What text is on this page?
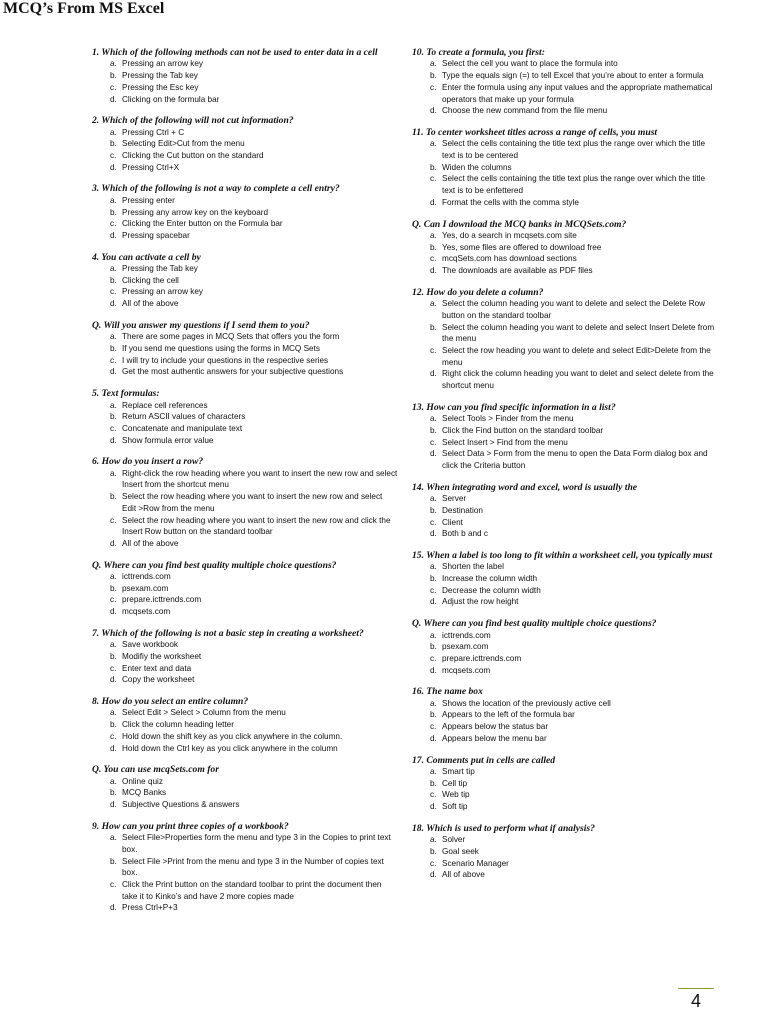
MCQ’s From MS Excel
1. Which of the following methods can not be used to enter data in a cell
a. Pressing an arrow key
b. Pressing the Tab key
c. Pressing the Esc key
d. Clicking on the formula bar
2. Which of the following will not cut information?
a. Pressing Ctrl + C
b. Selecting Edit>Cut from the menu
c. Clicking the Cut button on the standard
d. Pressing Ctrl+X
3. Which of the following is not a way to complete a cell entry?
a. Pressing enter
b. Pressing any arrow key on the keyboard
c. Clicking the Enter button on the Formula bar
d. Pressing spacebar
4. You can activate a cell by
a. Pressing the Tab key
b. Clicking the cell
c. Pressing an arrow key
d. All of the above
Q. Will you answer my questions if I send them to you?
a. There are some pages in MCQ Sets that offers you the form
b. If you send me questions using the forms in MCQ Sets
c. I will try to include your questions in the respective series
d. Get the most authentic answers for your subjective questions
5. Text formulas:
a. Replace cell references
b. Return ASCII values of characters
c. Concatenate and manipulate text
d. Show formula error value
6. How do you insert a row?
a. Right-click the row heading where you want to insert the new row and select Insert from the shortcut menu
b. Select the row heading where you want to insert the new row and select Edit >Row from the menu
c. Select the row heading where you want to insert the new row and click the Insert Row button on the standard toolbar
d. All of the above
Q. Where can you find best quality multiple choice questions?
a. icttrends.com
b. psexam.com
c. prepare.icttrends.com
d. mcqsets.com
7. Which of the following is not a basic step in creating a worksheet?
a. Save workbook
b. Modifiy the worksheet
c. Enter text and data
d. Copy the worksheet
8. How do you select an entire column?
a. Select Edit > Select > Column from the menu
b. Click the column heading letter
c. Hold down the shift key as you click anywhere in the column.
d. Hold down the Ctrl key as you click anywhere in the column
Q. You can use mcqSets.com for
a. Online quiz
b. MCQ Banks
d. Subjective Questions & answers
9. How can you print three copies of a workbook?
a. Select File>Properties form the menu and type 3 in the Copies to print text box.
b. Select File >Print from the menu and type 3 in the Number of copies text box.
c. Click the Print button on the standard toolbar to print the document then take it to Kinko’s and have 2 more copies made
d. Press Ctrl+P+3
10. To create a formula, you first:
a. Select the cell you want to place the formula into
b. Type the equals sign (=) to tell Excel that you’re about to enter a formula
c. Enter the formula using any input values and the appropriate mathematical operators that make up your formula
d. Choose the new command from the file menu
11. To center worksheet titles across a range of cells, you must
a. Select the cells containing the title text plus the range over which the title text is to be centered
b. Widen the columns
c. Select the cells containing the title text plus the range over which the title text is to be enfettered
d. Format the cells with the comma style
Q. Can I download the MCQ banks in MCQSets.com?
a. Yes, do a search in mcqsets.com site
b. Yes, some files are offered to download free
c. mcqSets.com has download sections
d. The downloads are available as PDF files
12. How do you delete a column?
a. Select the column heading you want to delete and select the Delete Row button on the standard toolbar
b. Select the column heading you want to delete and select Insert Delete from the menu
c. Select the row heading you want to delete and select Edit>Delete from the menu
d. Right click the column heading you want to delet and select delete from the shortcut menu
13. How can you find specific information in a list?
a. Select Tools > Finder from the menu
b. Click the Find button on the standard toolbar
c. Select Insert > Find from the menu
d. Select Data > Form from the menu to open the Data Form dialog box and click the Criteria button
14. When integrating word and excel, word is usually the
a. Server
b. Destination
c. Client
d. Both b and c
15. When a label is too long to fit within a worksheet cell, you typically must
a. Shorten the label
b. Increase the column width
c. Decrease the column width
d. Adjust the row height
Q. Where can you find best quality multiple choice questions?
a. icttrends.com
b. psexam.com
c. prepare.icttrends.com
d. mcqsets.com
16. The name box
a. Shows the location of the previously active cell
b. Appears to the left of the formula bar
c. Appears below the status bar
d. Appears below the menu bar
17. Comments put in cells are called
a. Smart tip
b. Cell tip
c. Web tip
d. Soft tip
18. Which is used to perform what if analysis?
a. Solver
b. Goal seek
c. Scenario Manager
d. All of above
4
